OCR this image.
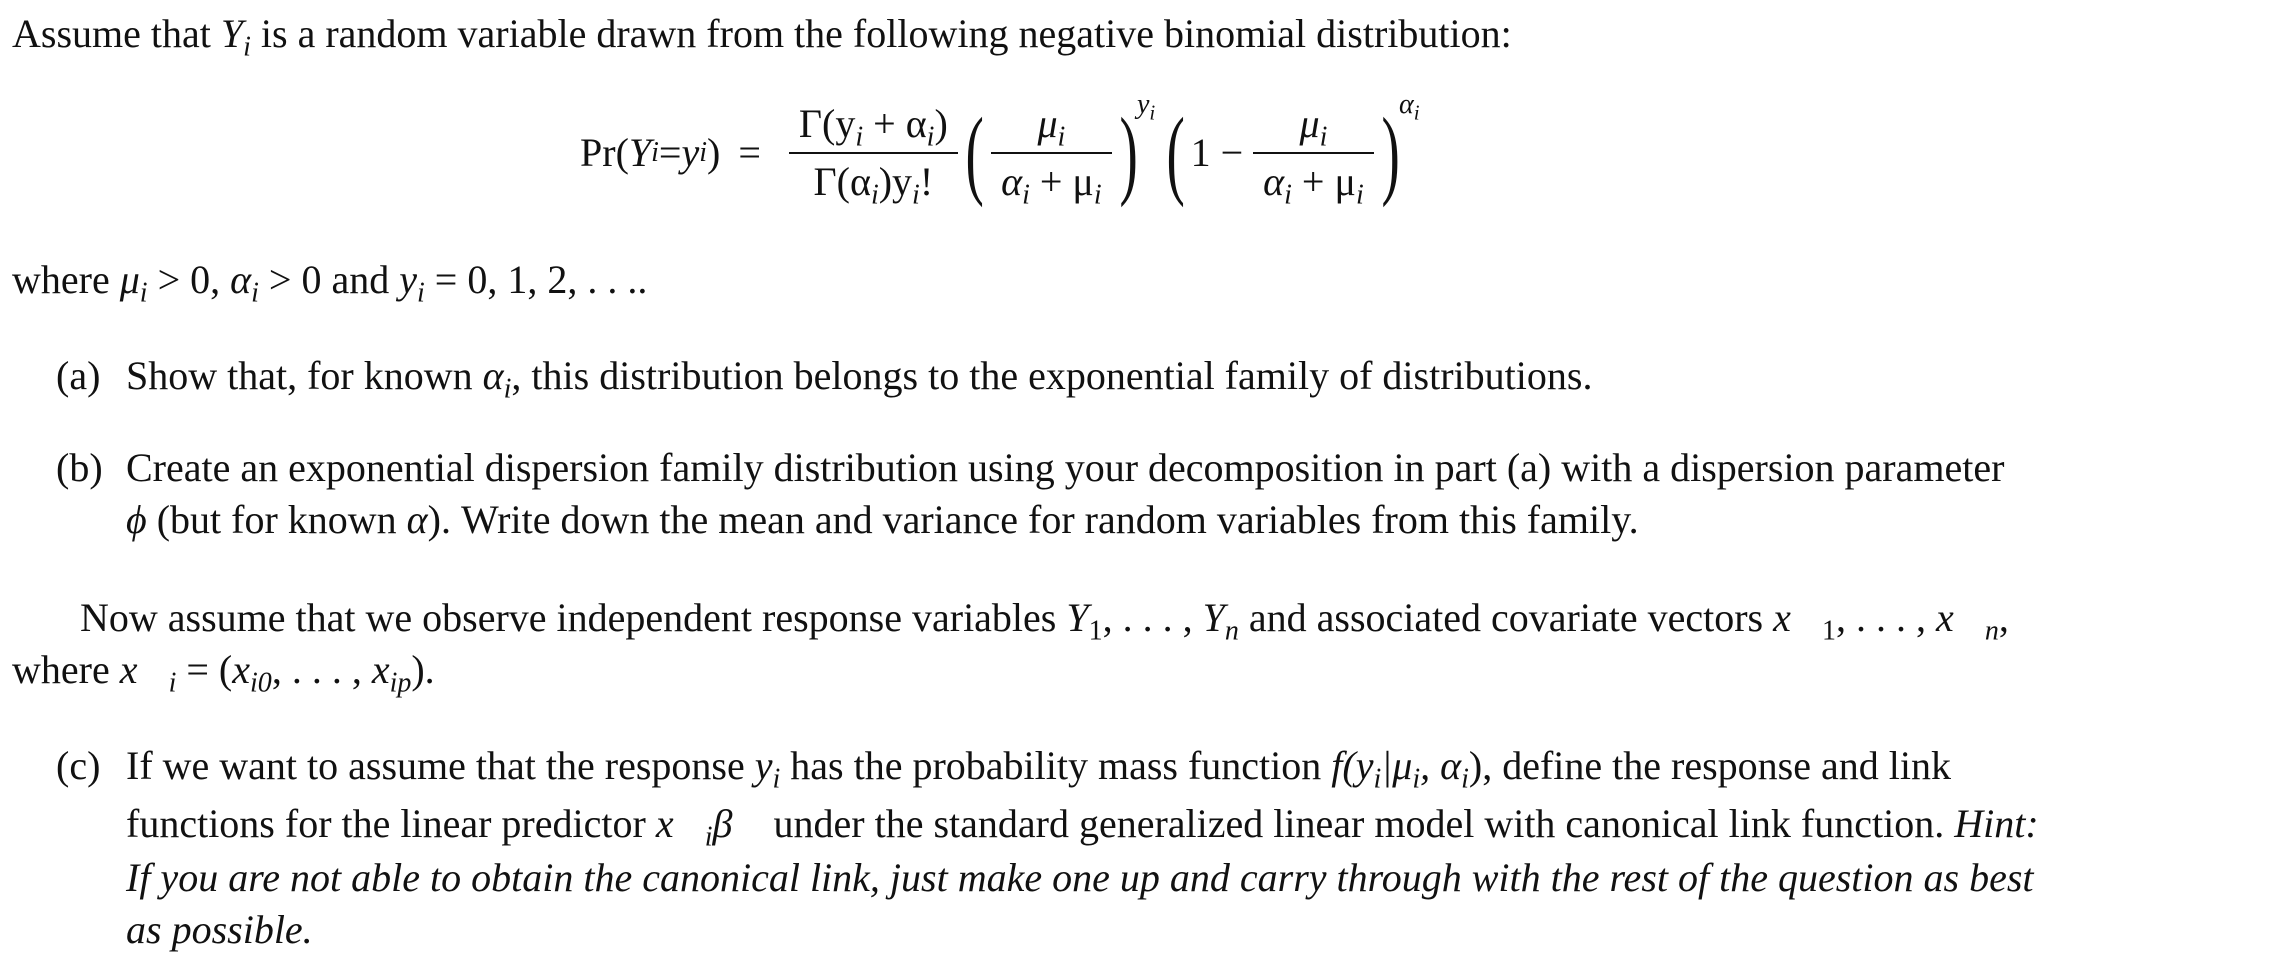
Assume that $Y_i$ is a random variable drawn from the following negative binomial distribution:
Pr( Y i = y i ) = $\frac{\Gamma(y_i + \alpha_i)}{\Gamma(\alpha_i)y_i!}$ ( $\frac{\mu_i}{\alpha_i + \mu_i}$ ) $y_i$ ( $1 - \frac{\mu_i}{\alpha_i + \mu_i}$ ) $\alpha_i$
where $\mu_i > 0$, $\alpha_i > 0$ and $y_i = 0$, 1, 2, . . ..
(a) Show that, for known $\alpha_i$, this distribution belongs to the exponential family of distributions.
(b) Create an exponential dispersion family distribution using your decomposition in part (a) with a dispersion parameter
ϕ (but for known α). Write down the mean and variance for random variables from this family.
Now assume that we observe independent response variables $Y_1$, . . . , $Y_n$ and associated covariate vectors $x⃗_1$, . . . , $x⃗_n$,
where $x⃗_i = (x_{i0}$, . . . , $x_{ip}$).
(c) If we want to assume that the response $y_i$ has the probability mass function $f(y_i|\mu_i$, $\alpha_i$), define the response and link
functions for the linear predictor $x⃗_i\beta⃗$ under the standard generalized linear model with canonical link function. Hint:
If you are not able to obtain the canonical link, just make one up and carry through with the rest of the question as best
as possible.
